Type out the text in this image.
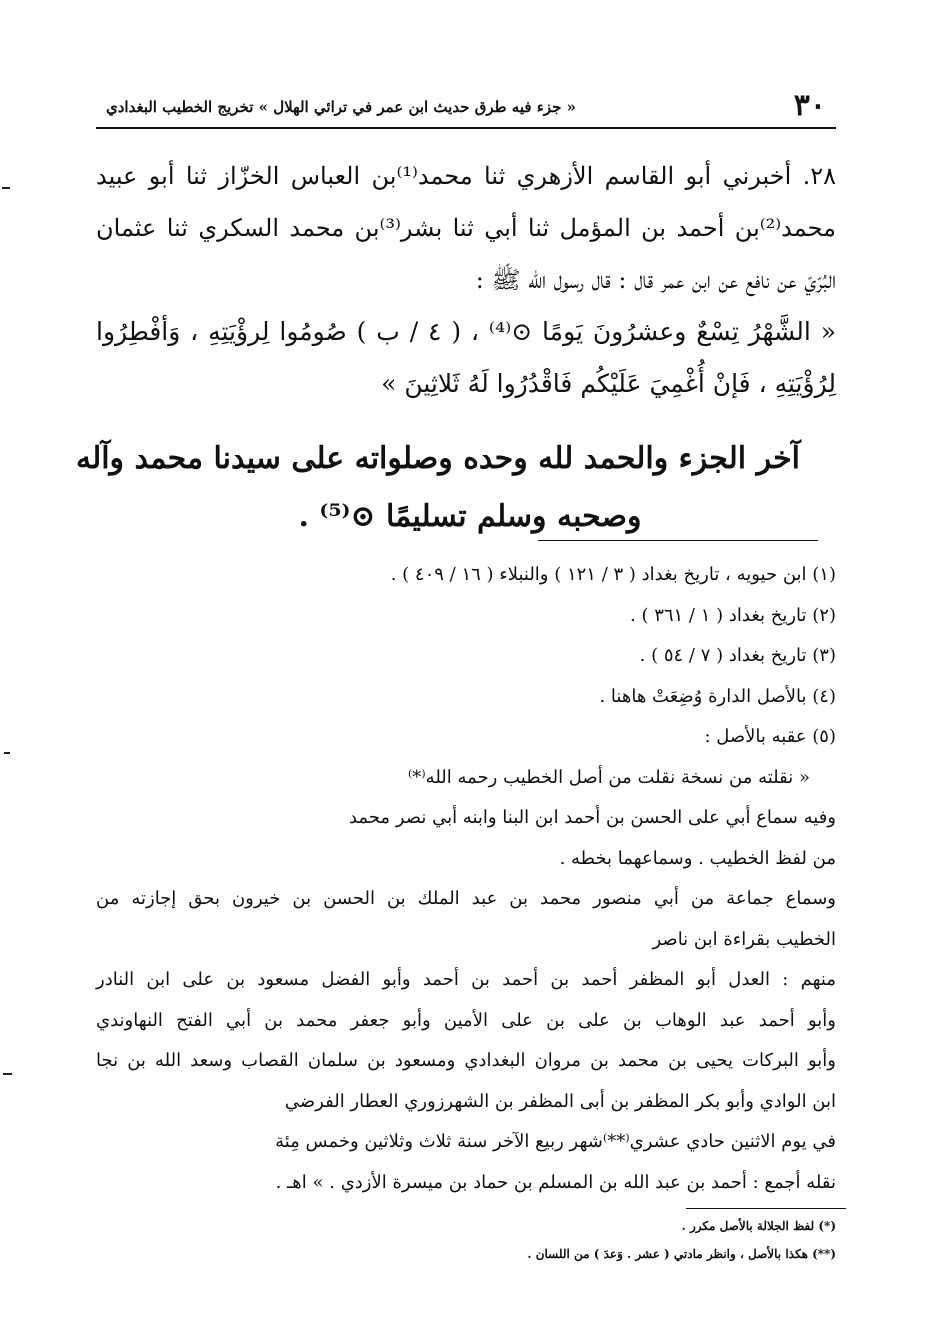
٣٠
« جزء فيه طرق حديث ابن عمر في ترائي الهلال » تخريج الخطيب البغدادي
٢٨. أخبرني أبو القاسم الأزهري ثنا محمد⁽¹⁾بن العباس الخزّاز ثنا أبو عبيد
محمد⁽²⁾بن أحمد بن المؤمل ثنا أبي ثنا بشر⁽³⁾بن محمد السكري ثنا عثمان
البُرّيّ عن نافع عن ابن عمر قال : قال رسول الله ﷺ :
« الشَّهْرُ تِسْعٌ وعشرُونَ يَومًا ⊙⁽⁴⁾ ، ( ٤ / ب ) صُومُوا لِرؤْيَتِهِ ، وَأفْطِرُوا
لِرُؤْيَتِهِ ، فَإنْ أُغْمِيَ عَلَيْكُم فَاقْدُرُوا لَهُ ثَلاثِينَ »
آخر الجزء والحمد لله وحده وصلواته على سيدنا محمد وآله
وصحبه وسلم تسليمًا ⊙⁽⁵⁾ .
(١) ابن حيويه ، تاريخ بغداد ( ٣ / ١٢١ ) والنبلاء ( ١٦ / ٤٠٩ ) .
(٢) تاريخ بغداد ( ١ / ٣٦١ ) .
(٣) تاريخ بغداد ( ٧ / ٥٤ ) .
(٤) بالأصل الدارة وُضِعَتْ هاهنا .
(٥) عقبه بالأصل :
« نقلته من نسخة نقلت من أصل الخطيب رحمه الله⁽*⁾
وفيه سماع أبي على الحسن بن أحمد ابن البنا وابنه أبي نصر محمد
من لفظ الخطيب . وسماعهما بخطه .
وسماع جماعة من أبي منصور محمد بن عبد الملك بن الحسن بن خيرون بحق إجازته من
الخطيب بقراءة ابن ناصر
منهم : العدل أبو المظفر أحمد بن أحمد بن أحمد وأبو الفضل مسعود بن على ابن النادر
وأبو أحمد عبد الوهاب بن على بن على الأمين وأبو جعفر محمد بن أبي الفتح النهاوندي
وأبو البركات يحيى بن محمد بن مروان البغدادي ومسعود بن سلمان القصاب وسعد الله بن نجا
ابن الوادي وأبو بكر المظفر بن أبى المظفر بن الشهرزوري العطار الفرضي
في يوم الاثنين حادي عشري⁽**⁾شهر ربيع الآخر سنة ثلاث وثلاثين وخمس مِئة
نقله أجمع : أحمد بن عبد الله بن المسلم بن حماد بن ميسرة الأزدي . » اهـ .
(*) لفظ الجلالة بالأصل مكرر .
(**) هكذا بالأصل ، وانظر مادتي ( عشر . وَعدَ ) من اللسان .
